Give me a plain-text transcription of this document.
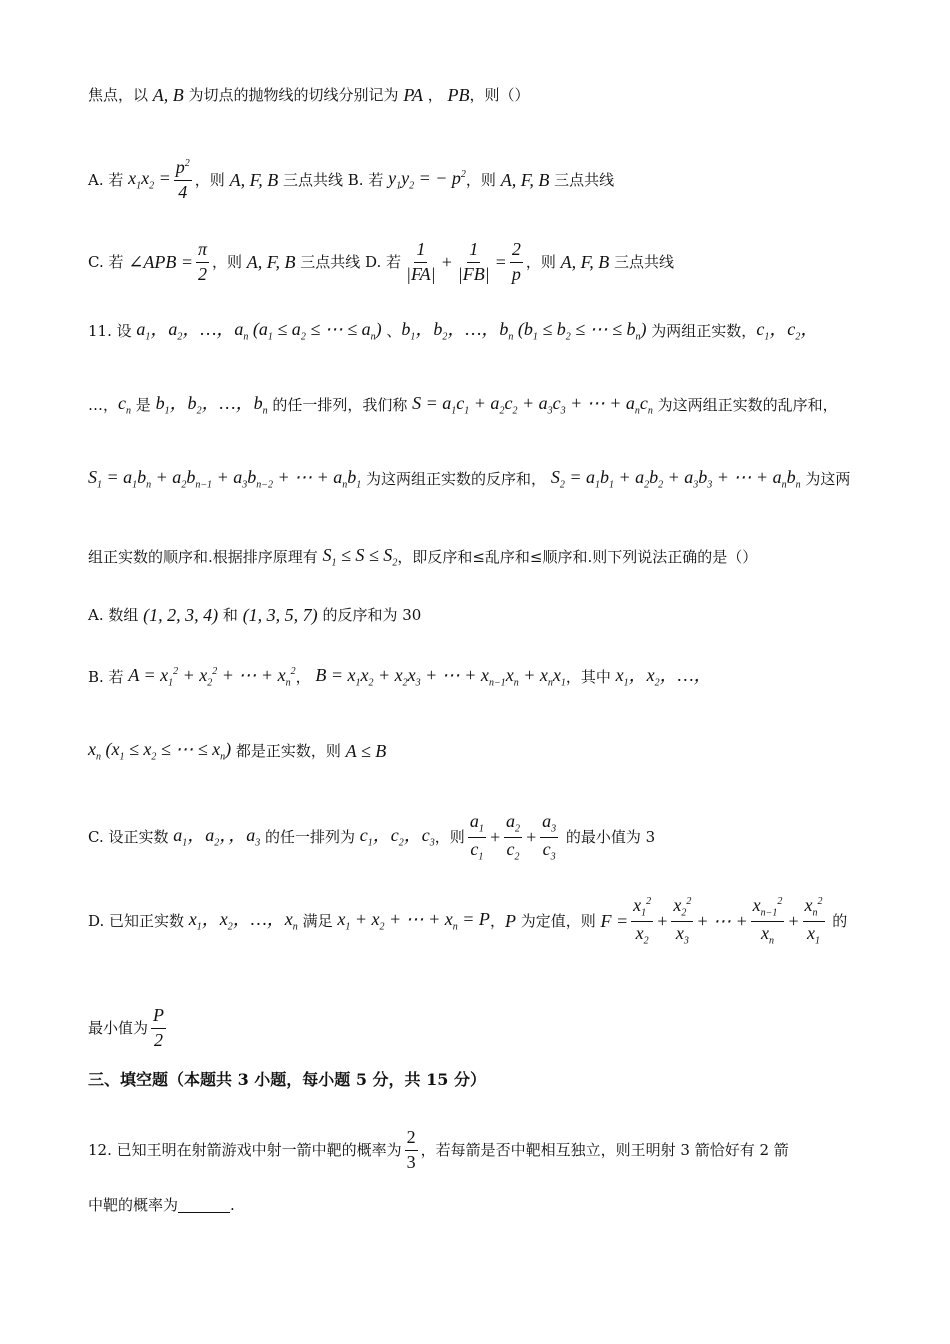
焦点，以 A, B 为切点的抛物线的切线分别记为 PA ， PB ，则（）
A. 若 $x_1x_2 = \frac{p^2}{4}$ ，则 A, F, B 三点共线 B. 若 $y_1y_2$ = − $p^2$ ，则 A, F, B 三点共线
C. 若 ∠APB = $\frac{\pi}{2}$ ，则 A, F, B 三点共线 D. 若 $\frac{1}{|FA|} + \frac{1}{|FB|} = \frac{2}{p}$ ，则 A, F, B 三点共线
11. 设 $a_1$，$a_2$，…，$a_n$ ($a_1 \le a_2$ ≤ ⋯ ≤ $a_n$) 、 $b_1$，$b_2$，…，$b_n$ ($b_1 \le b_2$ ≤ ⋯ ≤ $b_n$) 为两组正实数， $c_1$，$c_2$，
…， $c_n$ 是 $b_1$，$b_2$，…，$b_n$ 的任一排列，我们称 $S = a_1c_1 + a_2c_2 + a_3c_3$ + ⋯ + $a_nc_n$ 为这两组正实数的乱序和，
$S_1 = a_1b_n + a_2b_{n-1} + a_3b_{n-2}$ + ⋯ + $a_nb_1$ 为这两组正实数的反序和， $S_2 = a_1b_1 + a_2b_2 + a_3b_3$ + ⋯ + $a_nb_n$ 为这两
组正实数的顺序和.根据排序原理有 $S_1 \le S \le S_2$ ，即反序和≤乱序和≤顺序和.则下列说法正确的是（）
A. 数组 (1, 2, 3, 4) 和 (1, 3, 5, 7) 的反序和为 30
B. 若 $A = x_1^2 + x_2^2$ + ⋯ + $x_n^2$ ， $B = x_1x_2 + x_2x_3$ + ⋯ + $x_{n-1}x_n + x_nx_1$ ，其中 $x_1$，$x_2$，…，
$x_n$ ($x_1 \le x_2$ ≤ ⋯ ≤ $x_n$) 都是正实数，则 A ≤ B
C. 设正实数 $a_1$，$a_2$，，$a_3$ 的任一排列为 $c_1$，$c_2$，$c_3$ ，则 $\frac{a_1}{c_1} + \frac{a_2}{c_2} + \frac{a_3}{c_3}$ 的最小值为 3
D. 已知正实数 $x_1$，$x_2$，…，$x_n$ 满足 $x_1 + x_2$ + ⋯ + $x_n = P$ ， P 为定值，则 $F = \frac{x_1^2}{x_2} + \frac{x_2^2}{x_3}$ + ⋯ + $\frac{x_{n-1}^2}{x_n} + \frac{x_n^2}{x_1}$ 的
最小值为 $\frac{P}{2}$
三、填空题（本题共 3 小题，每小题 5 分，共 15 分）
12. 已知王明在射箭游戏中射一箭中靶的概率为 $\frac{2}{3}$ ，若每箭是否中靶相互独立，则王明射 3 箭恰好有 2 箭
中靶的概率为	.
